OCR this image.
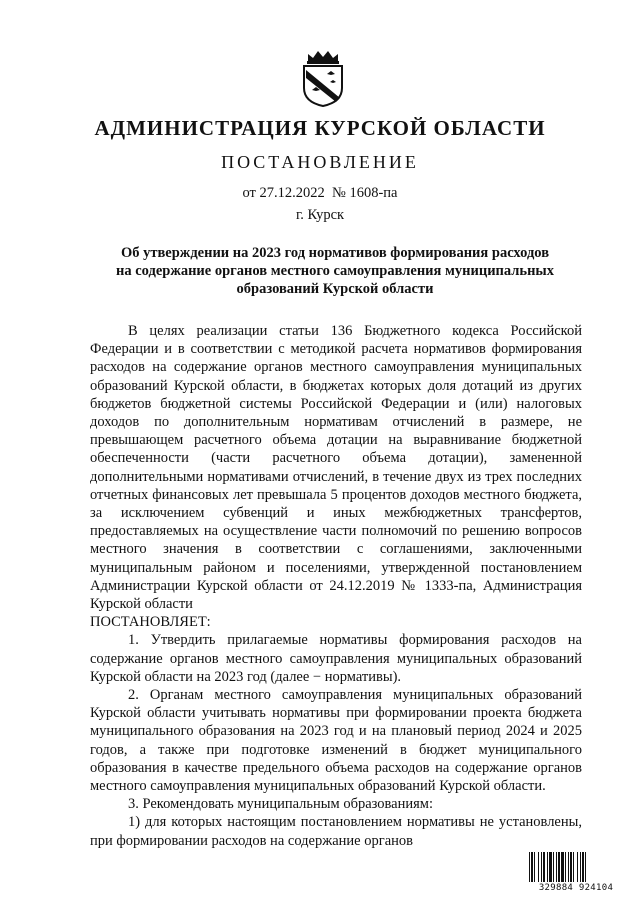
АДМИНИСТРАЦИЯ КУРСКОЙ ОБЛАСТИ
ПОСТАНОВЛЕНИЕ
от 27.12.2022  № 1608-па
г. Курск
Об утверждении на 2023 год нормативов формирования расходов
на содержание органов местного самоуправления муниципальных
образований Курской области

В целях реализации статьи 136 Бюджетного кодекса Российской Федерации и в соответствии с методикой расчета нормативов формирования расходов на содержание органов местного самоуправления муниципальных образований Курской области, в бюджетах которых доля дотаций из других бюджетов бюджетной системы Российской Федерации и (или) налоговых доходов по дополнительным нормативам отчислений в размере, не превышающем расчетного объема дотации на выравнивание бюджетной обеспеченности (части расчетного объема дотации), замененной дополнительными нормативами отчислений, в течение двух из трех последних отчетных финансовых лет превышала 5 процентов доходов местного бюджета, за исключением субвенций и иных межбюджетных трансфертов, предоставляемых на осуществление части полномочий по решению вопросов местного значения в соответствии с соглашениями, заключенными муниципальным районом и поселениями, утвержденной постановлением Администрации Курской области от 24.12.2019 № 1333-па, Администрация Курской области

ПОСТАНОВЛЯЕТ:

1. Утвердить прилагаемые нормативы формирования расходов на содержание органов местного самоуправления муниципальных образований Курской области на 2023 год (далее − нормативы).

2. Органам местного самоуправления муниципальных образований Курской области учитывать нормативы при формировании проекта бюджета муниципального образования на 2023 год и на плановый период 2024 и 2025 годов, а также при подготовке изменений в бюджет муниципального образования в качестве предельного объема расходов на содержание органов местного самоуправления муниципальных образований Курской области.

3. Рекомендовать муниципальным образованиям:

1) для которых настоящим постановлением нормативы не установлены, при формировании расходов на содержание органов

329884 924104
